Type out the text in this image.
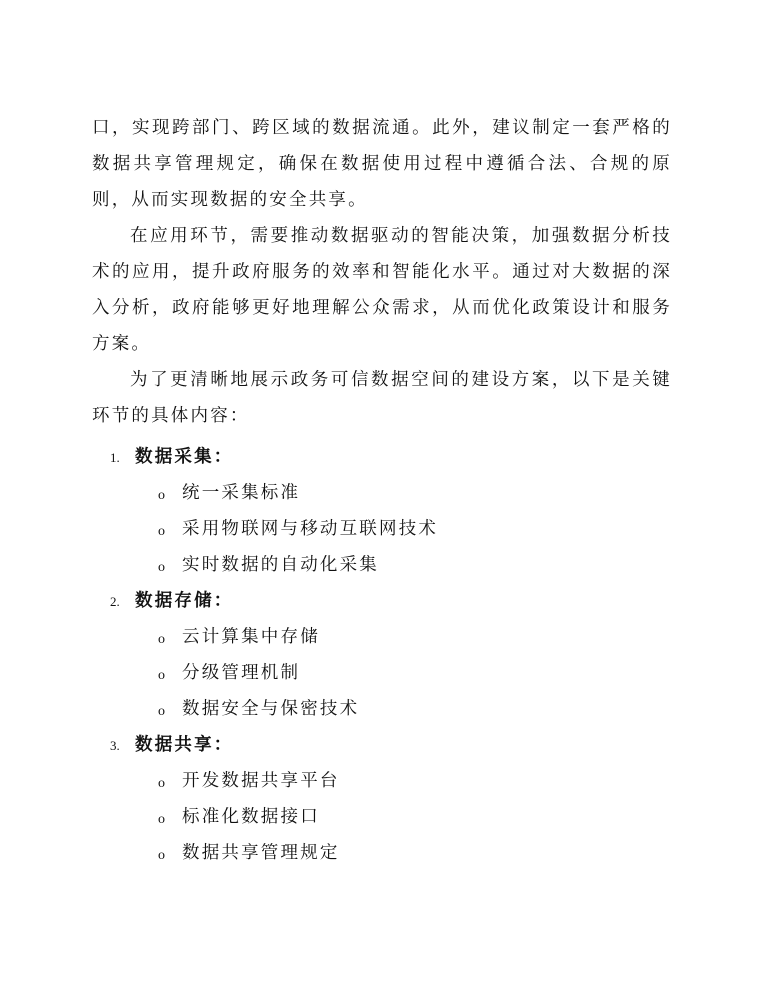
口，实现跨部门、跨区域的数据流通。此外，建议制定一套严格的数据共享管理规定，确保在数据使用过程中遵循合法、合规的原则，从而实现数据的安全共享。

在应用环节，需要推动数据驱动的智能决策，加强数据分析技术的应用，提升政府服务的效率和智能化水平。通过对大数据的深入分析，政府能够更好地理解公众需求，从而优化政策设计和服务方案。

为了更清晰地展示政务可信数据空间的建设方案，以下是关键环节的具体内容：

1. 数据采集：
o 统一采集标准
o 采用物联网与移动互联网技术
o 实时数据的自动化采集
2. 数据存储：
o 云计算集中存储
o 分级管理机制
o 数据安全与保密技术
3. 数据共享：
o 开发数据共享平台
o 标准化数据接口
o 数据共享管理规定
